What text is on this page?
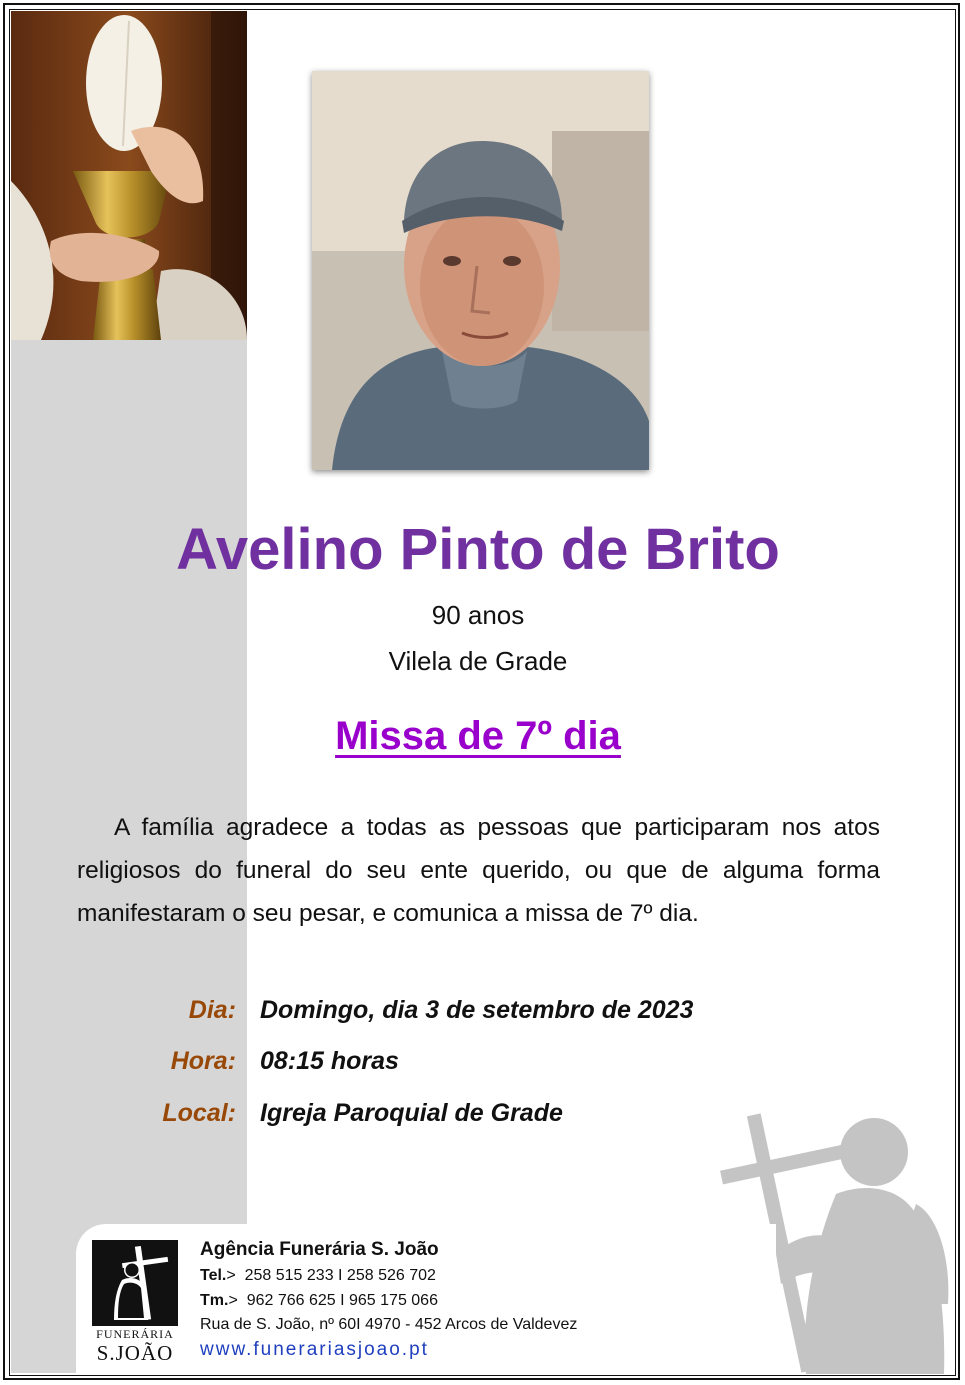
Avelino Pinto de Brito
90 anos
Vilela de Grade
Missa de 7º dia
A família agradece a todas as pessoas que participaram nos atos religiosos do funeral do seu ente querido, ou que de alguma forma manifestaram o seu pesar, e comunica a missa de 7º dia.
Dia: Domingo, dia 3 de setembro de 2023
Hora: 08:15 horas
Local: Igreja Paroquial de Grade
FUNERÁRIA
S.JOÃO
Agência Funerária S. João
Tel.>  258 515 233 I 258 526 702
Tm.>  962 766 625 I 965 175 066
Rua de S. João, nº 60I 4970 - 452 Arcos de Valdevez
www.funerariasjoao.pt
